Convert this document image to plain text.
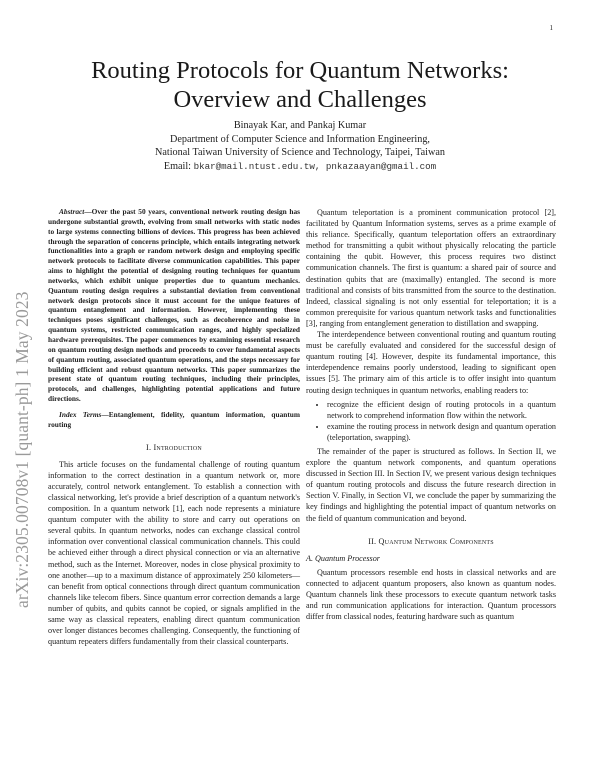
1
arXiv:2305.00708v1 [quant-ph] 1 May 2023
Routing Protocols for Quantum Networks:
Overview and Challenges
Binayak Kar, and Pankaj Kumar
Department of Computer Science and Information Engineering,
National Taiwan University of Science and Technology, Taipei, Taiwan
Email: bkar@mail.ntust.edu.tw, pnkazaayan@gmail.com

Abstract—Over the past 50 years, conventional network routing design has undergone substantial growth, evolving from small networks with static nodes to large systems connecting billions of devices. This progress has been achieved through the separation of concerns principle, which entails integrating network functionalities into a graph or random network design and employing specific network protocols to facilitate diverse communication capabilities. This paper aims to highlight the potential of designing routing techniques for quantum networks, which exhibit unique properties due to quantum mechanics. Quantum routing design requires a substantial deviation from conventional network design protocols since it must account for the unique features of quantum entanglement and information. However, implementing these techniques poses significant challenges, such as decoherence and noise in quantum systems, restricted communication ranges, and highly specialized hardware prerequisites. The paper commences by examining essential research on quantum routing design methods and proceeds to cover fundamental aspects of quantum routing, associated quantum operations, and the steps necessary for building efficient and robust quantum networks. This paper summarizes the present state of quantum routing techniques, including their principles, protocols, and challenges, highlighting potential applications and future directions.

Index Terms—Entanglement, fidelity, quantum information, quantum routing

I. Introduction

This article focuses on the fundamental challenge of routing quantum information to the correct destination in a quantum network or, more accurately, control network entanglement. To establish a connection with classical networking, let's provide a brief description of a quantum network's composition. In a quantum network [1], each node represents a miniature quantum computer with the ability to store and carry out operations on several qubits. In quantum networks, nodes can exchange classical control information over conventional classical communication channels. This could be achieved either through a direct physical connection or via an alternative method, such as the Internet. Moreover, nodes in close physical proximity to one another—up to a maximum distance of approximately 250 kilometers—can benefit from optical connections through direct quantum communication channels like telecom fibers. Since quantum error correction demands a large number of qubits, and qubits cannot be copied, or signals amplified in the same way as classical repeaters, enabling direct quantum communication over longer distances becomes challenging. Consequently, the functioning of quantum repeaters differs fundamentally from their classical counterparts.

Quantum teleportation is a prominent communication protocol [2], facilitated by Quantum Information systems, serves as a prime example of this reliance. Specifically, quantum teleportation offers an extraordinary method for transmitting a qubit without physically relocating the particle containing the qubit. However, this process requires two distinct communication channels. The first is quantum: a shared pair of source and destination qubits that are (maximally) entangled. The second is more traditional and consists of bits transmitted from the source to the destination. Indeed, classical signaling is not only essential for teleportation; it is a common prerequisite for various quantum network tasks and functionalities [3], ranging from entanglement generation to distillation and swapping.

The interdependence between conventional routing and quantum routing must be carefully evaluated and considered for the successful design of quantum routing [4]. However, despite its fundamental importance, this interdependence remains poorly understood, leading to significant open issues [5]. The primary aim of this article is to offer insight into quantum routing design techniques in quantum networks, enabling readers to:

• recognize the efficient design of routing protocols in a quantum network to comprehend information flow within the network.
• examine the routing process in network design and quantum operation (teleportation, swapping).

The remainder of the paper is structured as follows. In Section II, we explore the quantum network components, and quantum operations discussed in Section III. In Section IV, we present various design techniques of quantum routing protocols and discuss the future research direction in Section V. Finally, in Section VI, we conclude the paper by summarizing the key findings and highlighting the potential impact of quantum networks on the field of quantum communication and beyond.

II. Quantum Network Components
A. Quantum Processor

Quantum processors resemble end hosts in classical networks and are connected to adjacent quantum proposers, also known as quantum nodes. Quantum channels link these processors to execute quantum network tasks and run communication applications for interaction. Quantum processors differ from classical nodes, featuring hardware such as quantum
